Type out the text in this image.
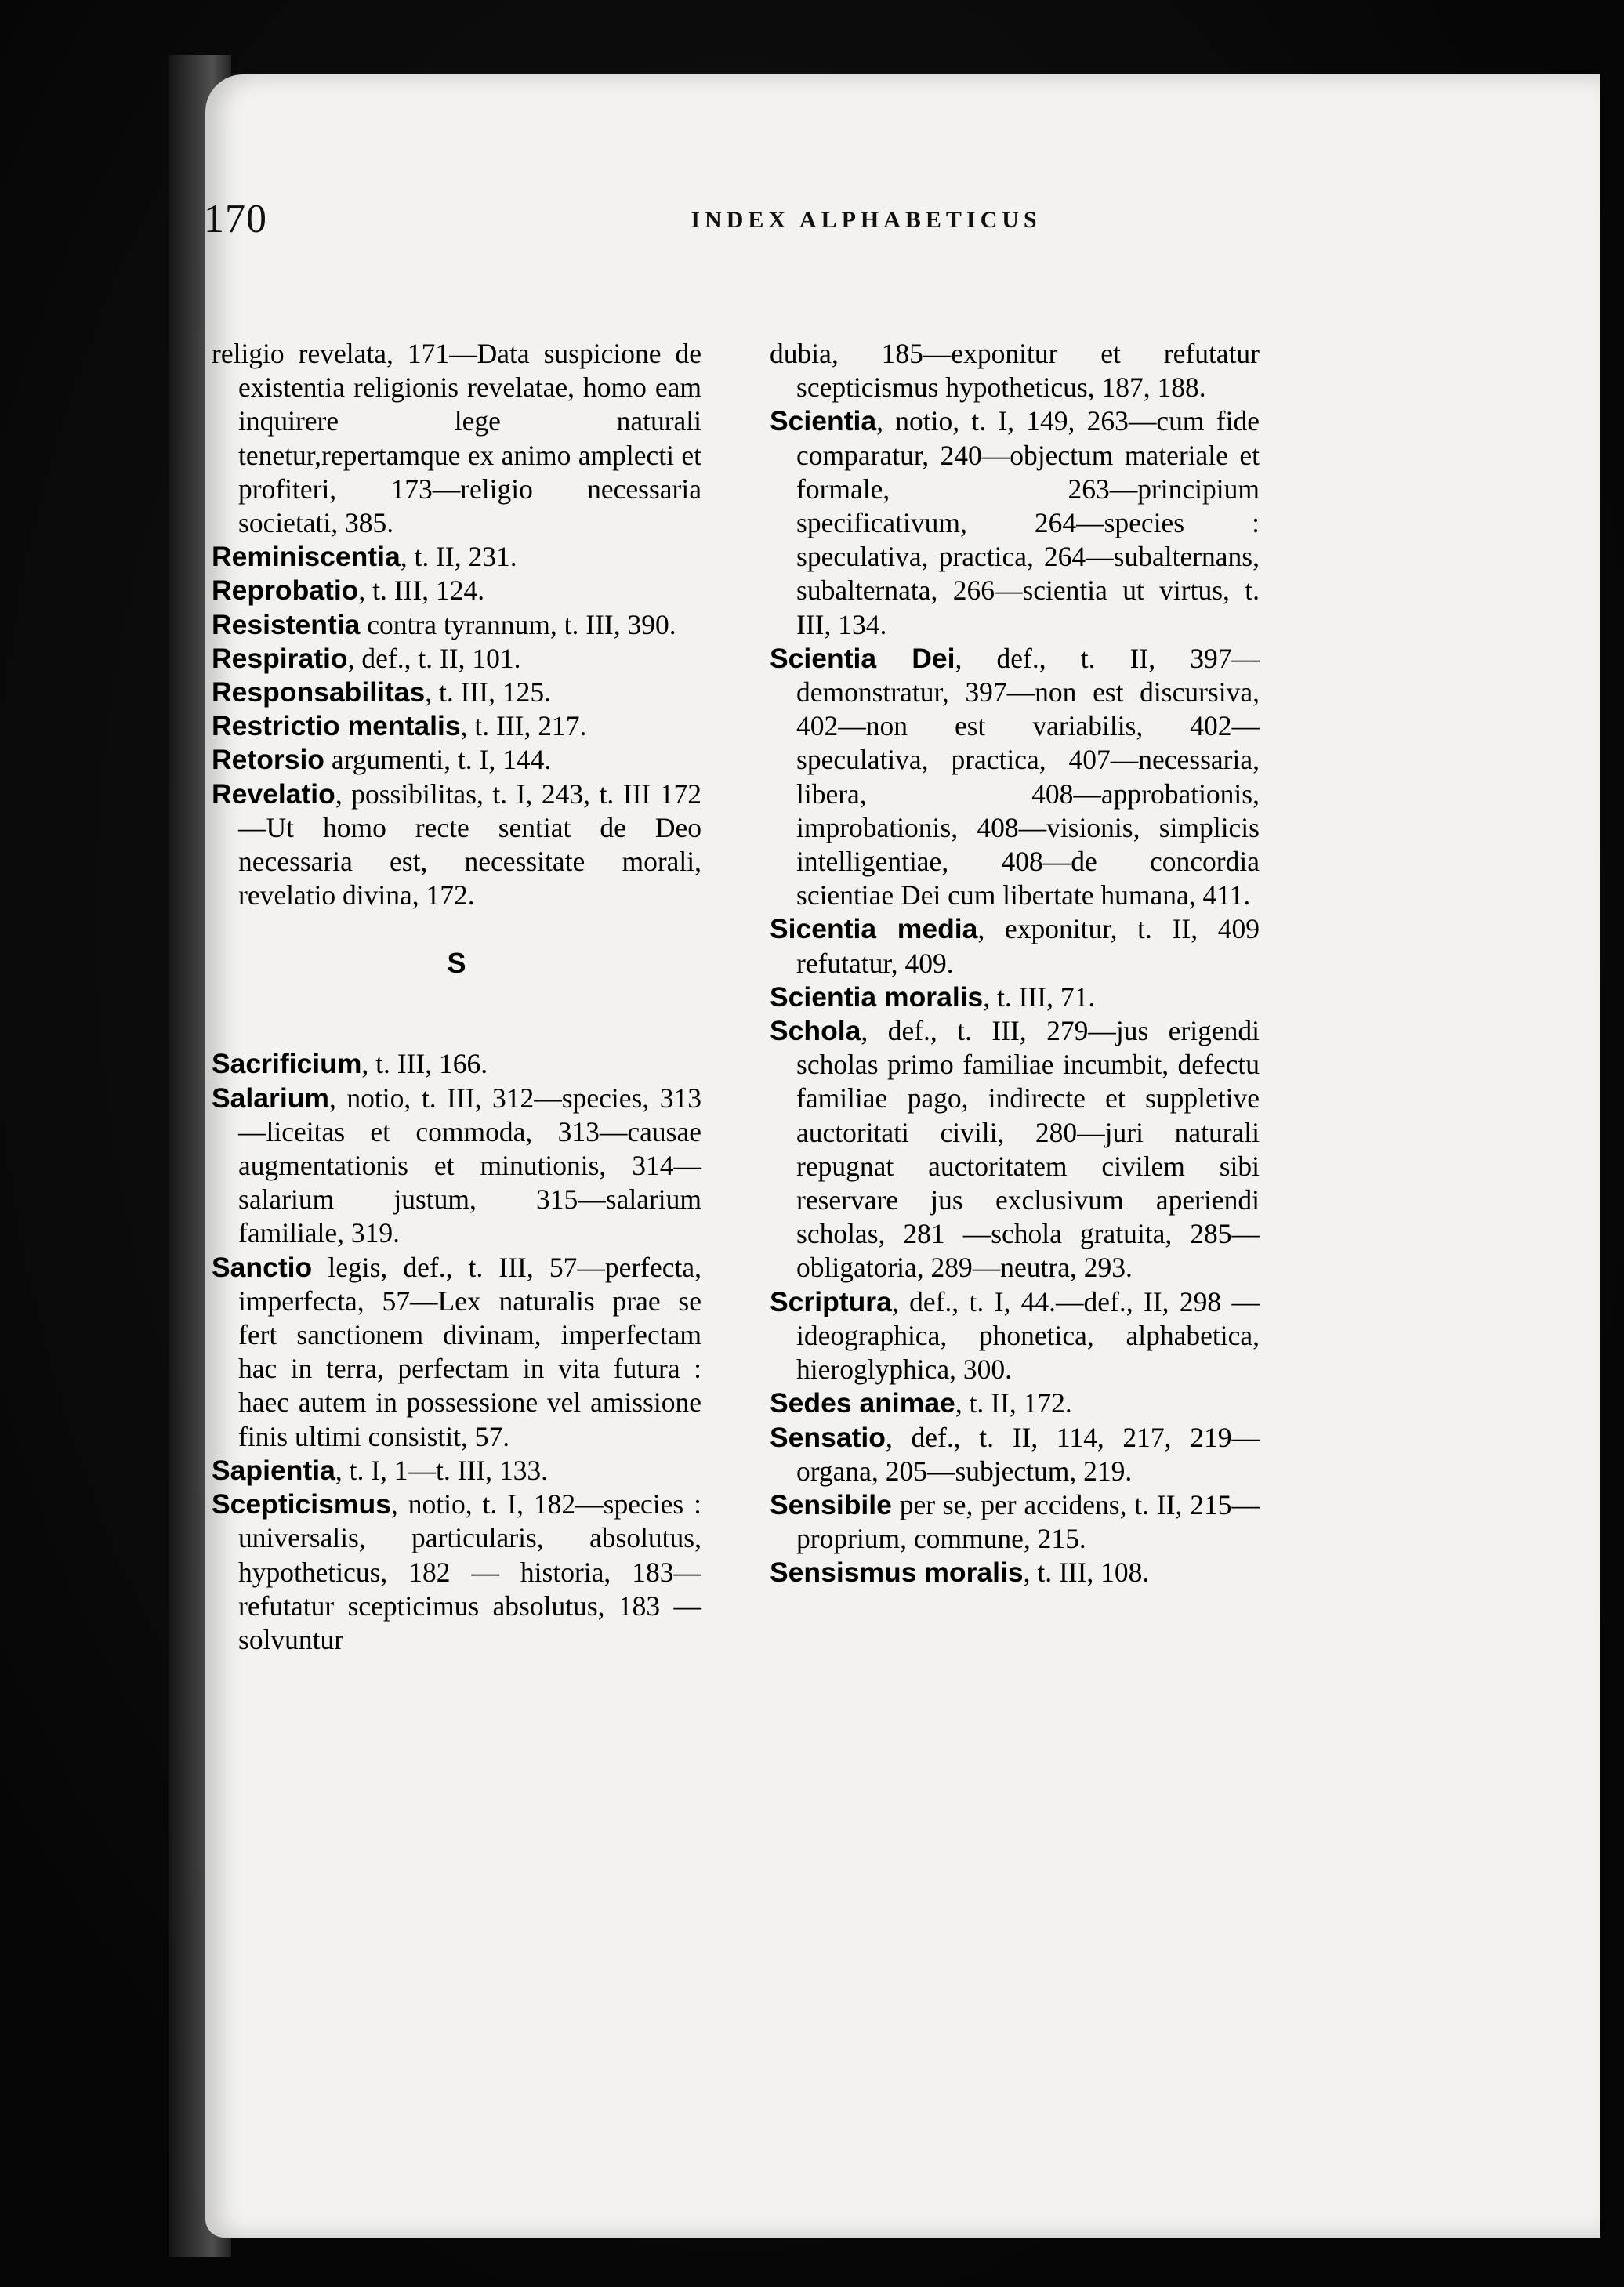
170	INDEX ALPHABETICUS

religio revelata, 171—Data suspicione de existentia religionis revelatae, homo eam inquirere lege naturali tenetur,repertamque ex animo amplecti et profiteri, 173—religio necessaria societati, 385.

Reminiscentia, t. II, 231.

Reprobatio, t. III, 124.

Resistentia contra tyrannum, t. III, 390.

Respiratio, def., t. II, 101.

Responsabilitas, t. III, 125.

Restrictio mentalis, t. III, 217.

Retorsio argumenti, t. I, 144.

Revelatio, possibilitas, t. I, 243, t. III 172—Ut homo recte sentiat de Deo necessaria est, necessitate morali, revelatio divina, 172.

S

Sacrificium, t. III, 166.

Salarium, notio, t. III, 312—species, 313—liceitas et commoda, 313—causae augmentationis et minutionis, 314—salarium justum, 315—salarium familiale, 319.

Sanctio legis, def., t. III, 57—perfecta, imperfecta, 57—Lex naturalis prae se fert sanctionem divinam, imperfectam hac in terra, perfectam in vita futura : haec autem in possessione vel amissione finis ultimi consistit, 57.

Sapientia, t. I, 1—t. III, 133.

Scepticismus, notio, t. I, 182—species : universalis, particularis, absolutus, hypotheticus, 182 — historia, 183—refutatur scepticimus absolutus, 183 — solvuntur

dubia, 185—exponitur et refutatur scepticismus hypotheticus, 187, 188.

Scientia, notio, t. I, 149, 263—cum fide comparatur, 240—objectum materiale et formale, 263—principium specificativum, 264—species : speculativa, practica, 264—subalternans, subalternata, 266—scientia ut virtus, t. III, 134.

Scientia Dei, def., t. II, 397—demonstratur, 397—non est discursiva, 402—non est variabilis, 402—speculativa, practica, 407—necessaria, libera, 408—approbationis, improbationis, 408—visionis, simplicis intelligentiae, 408—de concordia scientiae Dei cum libertate humana, 411.

Sicentia media, exponitur, t. II, 409 refutatur, 409.

Scientia moralis, t. III, 71.

Schola, def., t. III, 279—jus erigendi scholas primo familiae incumbit, defectu familiae pago, indirecte et suppletive auctoritati civili, 280—juri naturali repugnat auctoritatem civilem sibi reservare jus exclusivum aperiendi scholas, 281 —schola gratuita, 285—obligatoria, 289—neutra, 293.

Scriptura, def., t. I, 44.—def., II, 298 — ideographica, phonetica, alphabetica, hieroglyphica, 300.

Sedes animae, t. II, 172.

Sensatio, def., t. II, 114, 217, 219—organa, 205—subjectum, 219.

Sensibile per se, per accidens, t. II, 215—proprium, commune, 215.

Sensismus moralis, t. III, 108.
